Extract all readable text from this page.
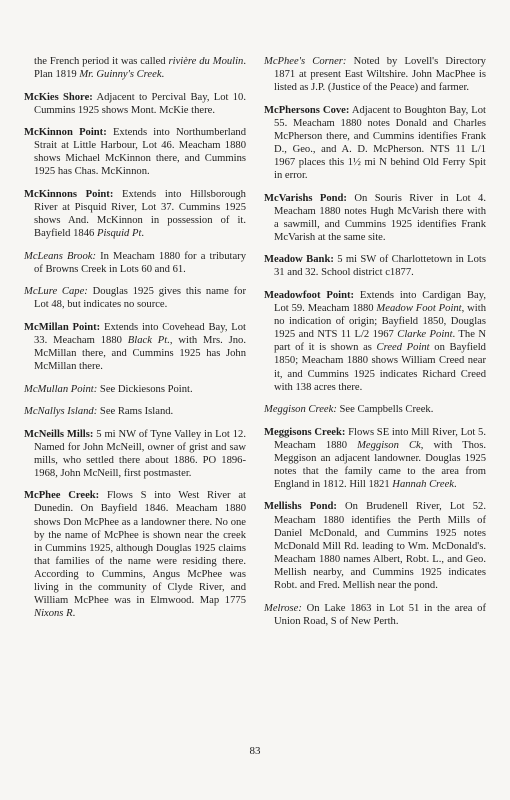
the French period it was called rivière du Moulin. Plan 1819 Mr. Guinny's Creek.

McKies Shore: Adjacent to Percival Bay, Lot 10. Cummins 1925 shows Mont. McKie there.

McKinnon Point: Extends into Northumberland Strait at Little Harbour, Lot 46. Meacham 1880 shows Michael McKinnon there, and Cummins 1925 has Chas. McKinnon.

McKinnons Point: Extends into Hillsborough River at Pisquid River, Lot 37. Cummins 1925 shows And. McKinnon in possession of it. Bayfield 1846 Pisquid Pt.

McLeans Brook: In Meacham 1880 for a tributary of Browns Creek in Lots 60 and 61.

McLure Cape: Douglas 1925 gives this name for Lot 48, but indicates no source.

McMillan Point: Extends into Covehead Bay, Lot 33. Meacham 1880 Black Pt., with Mrs. Jno. McMillan there, and Cummins 1925 has John McMillan there.

McMullan Point: See Dickiesons Point.

McNallys Island: See Rams Island.

McNeills Mills: 5 mi NW of Tyne Valley in Lot 12. Named for John McNeill, owner of grist and saw mills, who settled there about 1886. PO 1896-1968, John McNeill, first postmaster.

McPhee Creek: Flows S into West River at Dunedin. On Bayfield 1846. Meacham 1880 shows Don McPhee as a landowner there. No one by the name of McPhee is shown near the creek in Cummins 1925, although Douglas 1925 claims that families of the name were residing there. According to Cummins, Angus McPhee was living in the community of Clyde River, and William McPhee was in Elmwood. Map 1775 Nixons R.

McPhee's Corner: Noted by Lovell's Directory 1871 at present East Wiltshire. John MacPhee is listed as J.P. (Justice of the Peace) and farmer.

McPhersons Cove: Adjacent to Boughton Bay, Lot 55. Meacham 1880 notes Donald and Charles McPherson there, and Cummins identifies Frank D., Geo., and A. D. McPherson. NTS 11 L/1 1967 places this 1½ mi N behind Old Ferry Spit in error.

McVarishs Pond: On Souris River in Lot 4. Meacham 1880 notes Hugh McVarish there with a sawmill, and Cummins 1925 identifies Frank McVarish at the same site.

Meadow Bank: 5 mi SW of Charlottetown in Lots 31 and 32. School district c1877.

Meadowfoot Point: Extends into Cardigan Bay, Lot 59. Meacham 1880 Meadow Foot Point, with no indication of origin; Bayfield 1850, Douglas 1925 and NTS 11 L/2 1967 Clarke Point. The N part of it is shown as Creed Point on Bayfield 1850; Meacham 1880 shows William Creed near it, and Cummins 1925 indicates Richard Creed with 138 acres there.

Meggison Creek: See Campbells Creek.

Meggisons Creek: Flows SE into Mill River, Lot 5. Meacham 1880 Meggison Ck, with Thos. Meggison an adjacent landowner. Douglas 1925 notes that the family came to the area from England in 1812. Hill 1821 Hannah Creek.

Mellishs Pond: On Brudenell River, Lot 52. Meacham 1880 identifies the Perth Mills of Daniel McDonald, and Cummins 1925 notes McDonald Mill Rd. leading to Wm. McDonald's. Meacham 1880 names Albert, Robt. L., and Geo. Mellish nearby, and Cummins 1925 indicates Robt. and Fred. Mellish near the pond.

Melrose: On Lake 1863 in Lot 51 in the area of Union Road, S of New Perth.

83
